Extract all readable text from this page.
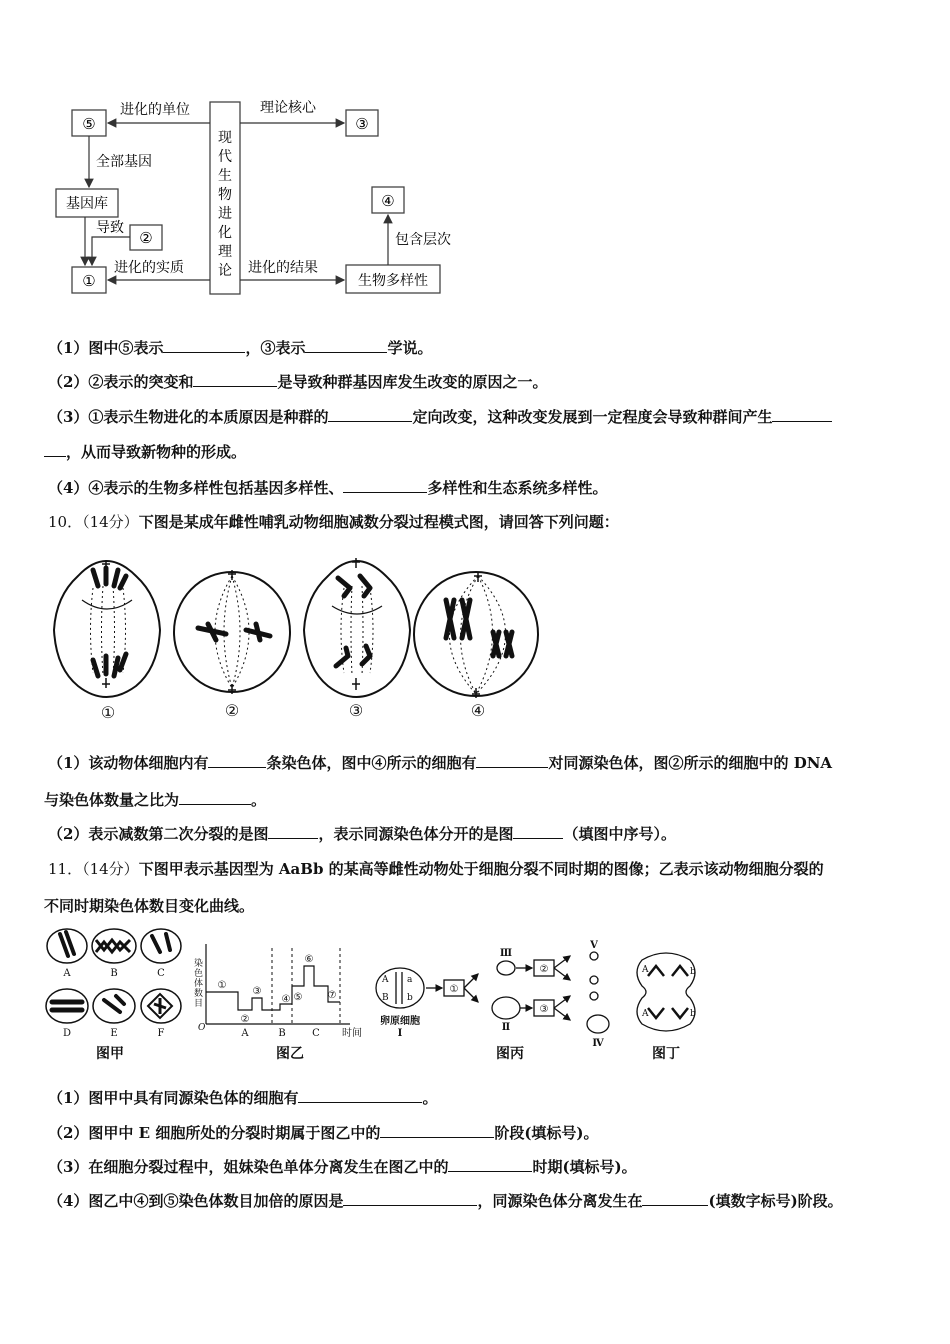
⑤	③
基因库
②
①
④
生物多样性
现
代
生
物
进
化
理
论
进化的单位	理论核心
全部基因
导致
进化的实质	进化的结果
包含层次
（1）图中⑤表示	，③表示	学说。
（2）②表示的突变和	是导致种群基因库发生改变的原因之一。
（3）①表示生物进化的本质原因是种群的	定向改变，这种改变发展到一定程度会导致种群间产生
，从而导致新物种的形成。
（4）④表示的生物多样性包括基因多样性、	多样性和生态系统多样性。
10．（14分）下图是某成年雌性哺乳动物细胞减数分裂过程模式图，请回答下列问题：
①	②	③	④
（1）该动物体细胞内有	条染色体，图中④所示的细胞有	对同源染色体，图②所示的细胞中的 DNA
与染色体数量之比为	。
（2）表示减数第二次分裂的是图	，表示同源染色体分开的是图	（填图中序号）。
11．（14分）下图甲表示基因型为 AaBb 的某高等雌性动物处于细胞分裂不同时期的图像；乙表示该动物细胞分裂的
不同时期染色体数目变化曲线。
A	B	C
D	E	F
图甲
染
色
体
数
目
O
①
②
③
④ ⑤
⑥
⑦
A	B	C 时间
图乙
A a
B b
①
②
③
卵原细胞
Ⅰ
Ⅲ
Ⅱ
Ⅴ
Ⅳ
图丙
A	b
A	b
图丁
（1）图甲中具有同源染色体的细胞有	。
（2）图甲中 E 细胞所处的分裂时期属于图乙中的	阶段(填标号)。
（3）在细胞分裂过程中，姐妹染色单体分离发生在图乙中的	时期(填标号)。
（4）图乙中④到⑤染色体数目加倍的原因是	，同源染色体分离发生在	(填数字标号)阶段。
